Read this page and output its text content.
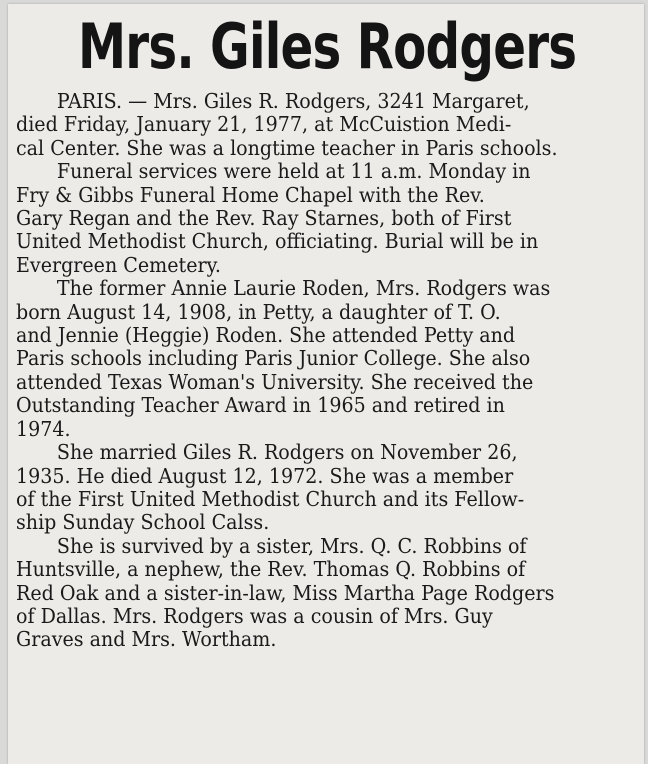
Mrs. Giles Rodgers
PARIS. — Mrs. Giles R. Rodgers, 3241 Margaret,
died Friday, January 21, 1977, at McCuistion Medi-
cal Center. She was a longtime teacher in Paris schools.
Funeral services were held at 11 a.m. Monday in
Fry & Gibbs Funeral Home Chapel with the Rev.
Gary Regan and the Rev. Ray Starnes, both of First
United Methodist Church, officiating. Burial will be in
Evergreen Cemetery.
The former Annie Laurie Roden, Mrs. Rodgers was
born August 14, 1908, in Petty, a daughter of T. O.
and Jennie (Heggie) Roden. She attended Petty and
Paris schools including Paris Junior College. She also
attended Texas Woman's University. She received the
Outstanding Teacher Award in 1965 and retired in
1974.
She married Giles R. Rodgers on November 26,
1935. He died August 12, 1972. She was a member
of the First United Methodist Church and its Fellow-
ship Sunday School Calss.
She is survived by a sister, Mrs. Q. C. Robbins of
Huntsville, a nephew, the Rev. Thomas Q. Robbins of
Red Oak and a sister-in-law, Miss Martha Page Rodgers
of Dallas. Mrs. Rodgers was a cousin of Mrs. Guy
Graves and Mrs. Wortham.
